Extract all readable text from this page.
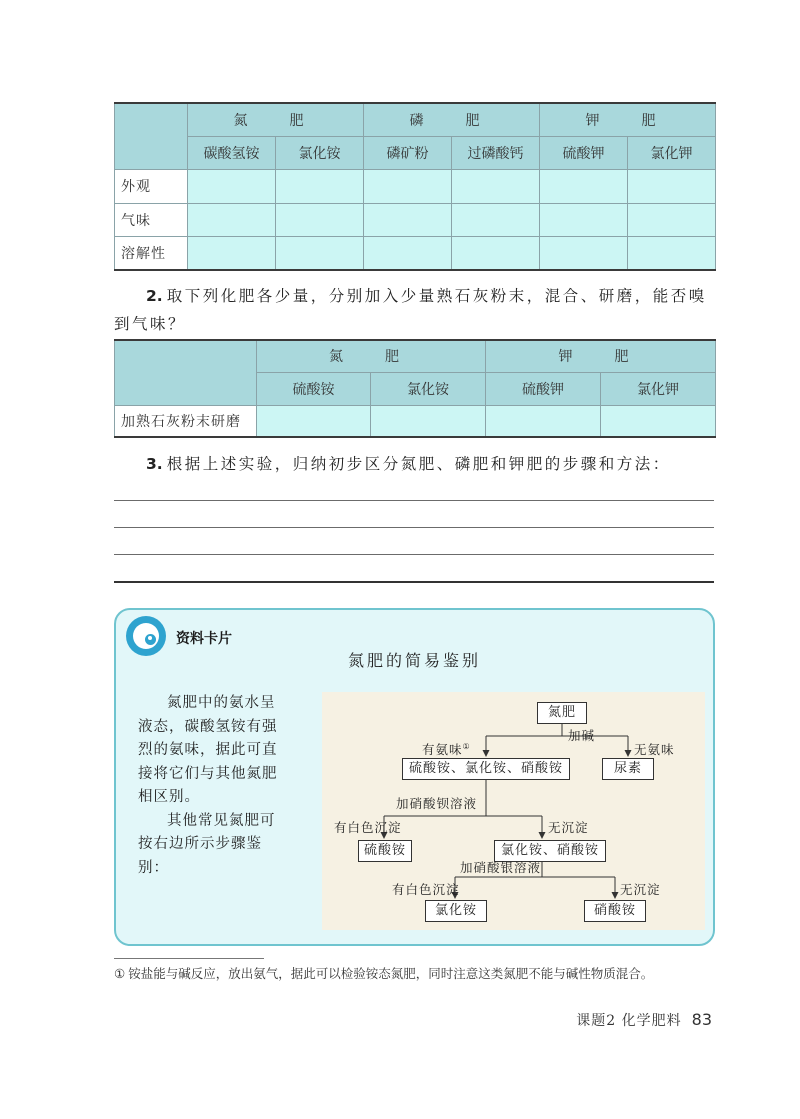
	氮　肥		磷　肥		钾　肥	
	碳酸氢铵	氯化铵	磷矿粉	过磷酸钙	硫酸钾	氯化钾
外观						
气味						
溶解性						
2. 取下列化肥各少量，分别加入少量熟石灰粉末，混合、研磨，能否嗅到气味？
	氮　肥		钾　肥	
	硫酸铵	氯化铵	硫酸钾	氯化钾
加熟石灰粉末研磨				
3. 根据上述实验，归纳初步区分氮肥、磷肥和钾肥的步骤和方法：
资料卡片
氮肥的简易鉴别

氮肥中的氨水呈液态，碳酸氢铵有强烈的氨味，据此可直接将它们与其他氮肥相区别。

其他常见氮肥可按右边所示步骤鉴别：

氮肥
加碱
有氨味①	无氨味
硫酸铵、氯化铵、硝酸铵	尿素
加硝酸钡溶液
有白色沉淀	无沉淀
硫酸铵	氯化铵、硝酸铵
加硝酸银溶液
有白色沉淀	无沉淀
氯化铵	硝酸铵
① 铵盐能与碱反应，放出氨气，据此可以检验铵态氮肥，同时注意这类氮肥不能与碱性物质混合。
课题2 化学肥料 83
